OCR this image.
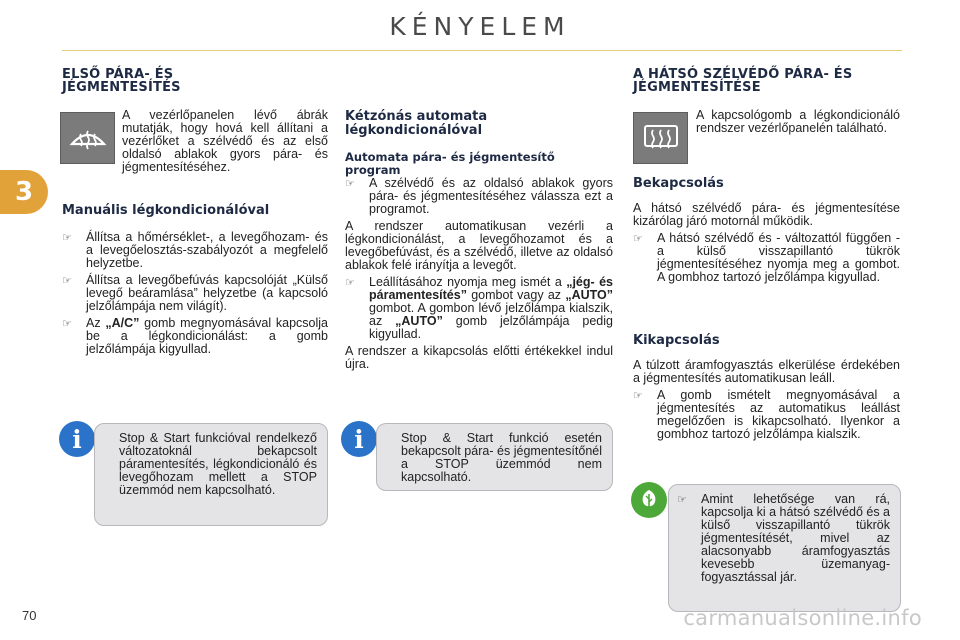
KÉNYELEM
3
ELSŐ PÁRA- ÉS
JÉGMENTESÍTÉS
A vezérlőpanelen lévő ábrák mutatják, hogy hová kell állítani a vezérlőket a szélvédő és az első oldalsó ablakok gyors pára- és jégmentesítéséhez.
Manuális légkondicionálóval
☞	Állítsa a hőmérséklet-, a levegőhozam- és a levegőelosztás-szabályozót a megfelelő helyzetbe.
☞	Állítsa a levegőbefúvás kapcsolóját „Külső levegő beáramlása” helyzetbe (a kapcsoló jelzőlámpája nem világít).
☞	Az „A/C” gomb megnyomásával kapcsolja be a légkondicionálást: a gomb jelzőlámpája kigyullad.
i	Stop & Start funkcióval rendelkező változatoknál bekapcsolt páramentesítés, légkondicionáló és levegőhozam mellett a STOP üzemmód nem kapcsolható.
Kétzónás automata
légkondicionálóval
Automata pára- és jégmentesítő program
☞	A szélvédő és az oldalsó ablakok gyors pára- és jégmentesítéséhez válassza ezt a programot.

A rendszer automatikusan vezérli a légkondicionálást, a levegőhozamot és a levegőbefúvást, és a szélvédő, illetve az oldalsó ablakok felé irányítja a levegőt.

☞	Leállításához nyomja meg ismét a „jég- és páramentesítés” gombot vagy az „AUTO” gombot. A gombon lévő jelzőlámpa kialszik, az „AUTO” gomb jelzőlámpája pedig kigyullad.

A rendszer a kikapcsolás előtti értékekkel indul újra.

i	Stop & Start funkció esetén bekapcsolt pára- és jégmentesítőnél a STOP üzemmód nem kapcsolható.
A HÁTSÓ SZÉLVÉDŐ PÁRA- ÉS
JÉGMENTESÍTÉSE
A kapcsológomb a légkondicionáló rendszer vezérlőpanelén található.
Bekapcsolás

A hátsó szélvédő pára- és jégmentesítése kizárólag járó motornál működik.

☞	A hátsó szélvédő és - változattól függően - a külső visszapillantó tükrök jégmentesítéséhez nyomja meg a gombot. A gombhoz tartozó jelzőlámpa kigyullad.
Kikapcsolás

A túlzott áramfogyasztás elkerülése érdekében a jégmentesítés automatikusan leáll.

☞	A gomb ismételt megnyomásával a jégmentesítés az automatikus leállást megelőzően is kikapcsolható. Ilyenkor a gombhoz tartozó jelzőlámpa kialszik.
☞	Amint lehetősége van rá, kapcsolja ki a hátsó szélvédő és a külső visszapillantó tükrök jégmentesítését, mivel az alacsonyabb áramfogyasztás kevesebb üzemanyag-fogyasztással jár.
70	carmanualsonline.info
